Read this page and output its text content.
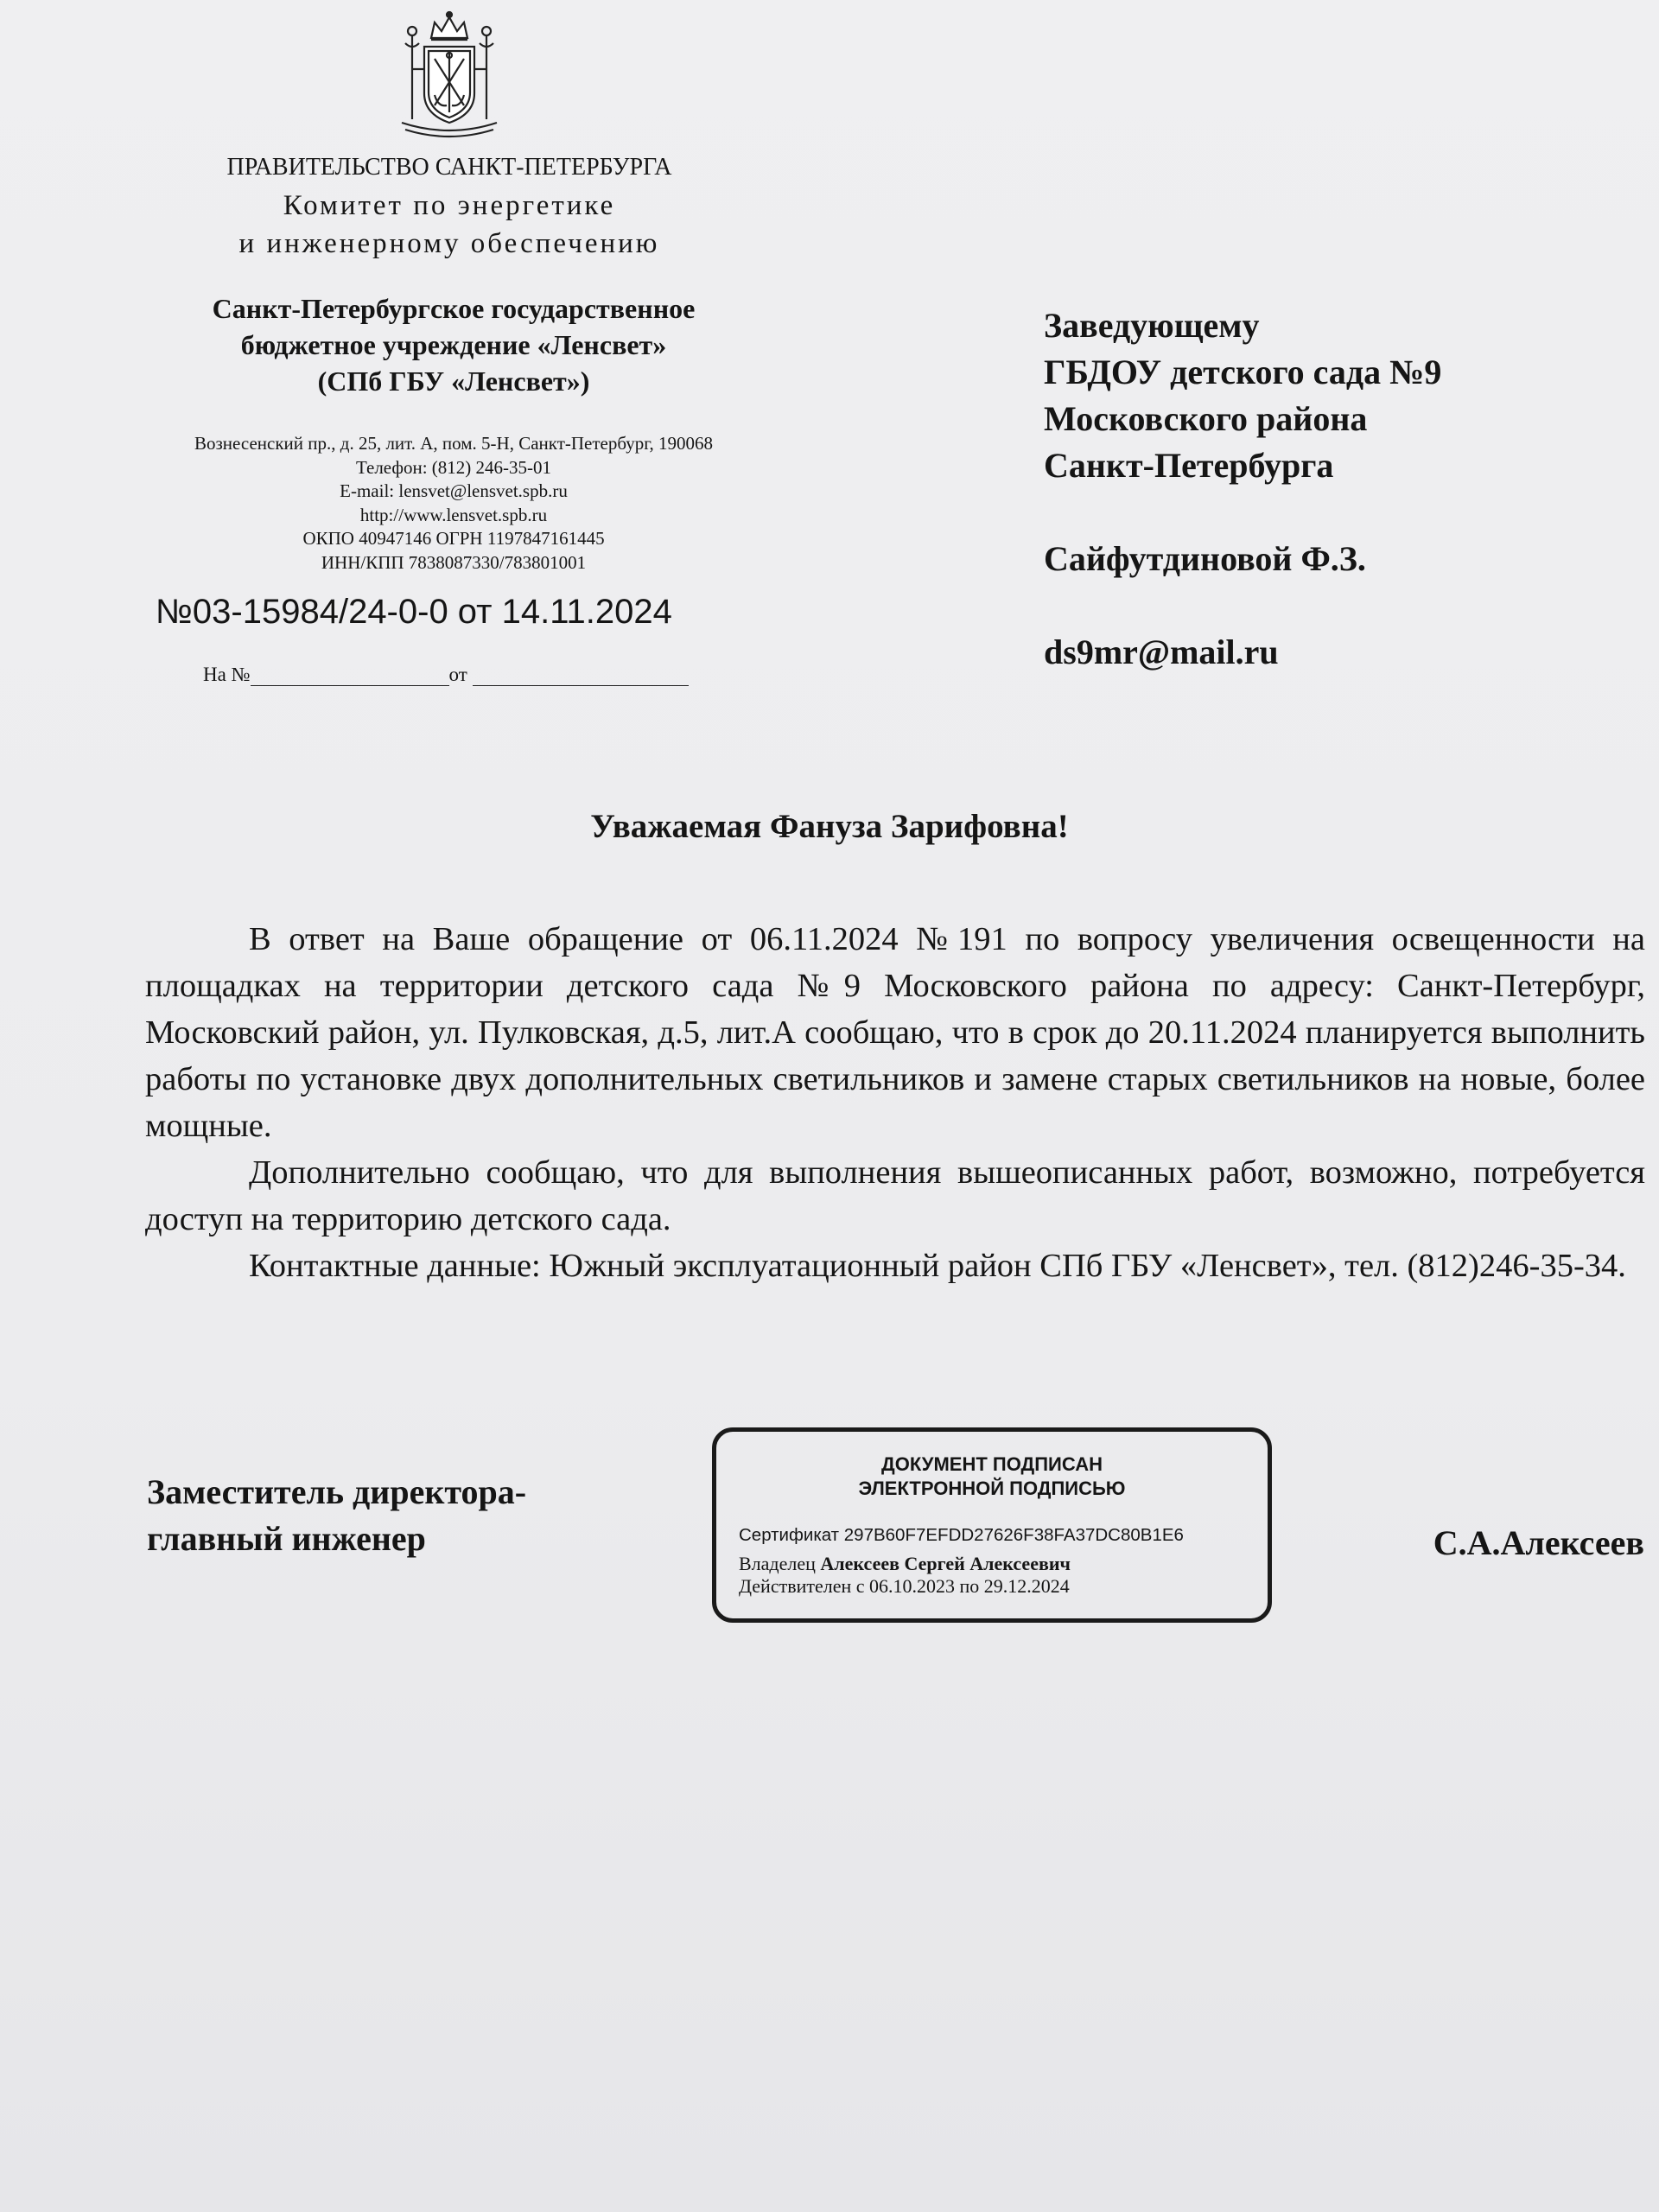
ПРАВИТЕЛЬСТВО САНКТ-ПЕТЕРБУРГА
Комитет по энергетике
и инженерному обеспечению
Санкт-Петербургское государственное
бюджетное учреждение «Ленсвет»
(СПб ГБУ «Ленсвет»)
Вознесенский пр., д. 25, лит. А, пом. 5-Н, Санкт-Петербург, 190068
Телефон: (812) 246-35-01
E-mail: lensvet@lensvet.spb.ru
http://www.lensvet.spb.ru
ОКПО 40947146 ОГРН 1197847161445
ИНН/КПП 7838087330/783801001
№03-15984/24-0-0 от 14.11.2024
На №	от
Заведующему
ГБДОУ детского сада №9
Московского района
Санкт-Петербурга
Сайфутдиновой Ф.З.
ds9mr@mail.ru
Уважаемая Фануза Зарифовна!

В ответ на Ваше обращение от 06.11.2024 №191 по вопросу увеличения освещенности на площадках на территории детского сада №9 Московского района по адресу: Санкт-Петербург, Московский район, ул. Пулковская, д.5, лит.А сообщаю, что в срок до 20.11.2024 планируется выполнить работы по установке двух дополнительных светильников и замене старых светильников на новые, более мощные.

Дополнительно сообщаю, что для выполнения вышеописанных работ, возможно, потребуется доступ на территорию детского сада.

Контактные данные: Южный эксплуатационный район СПб ГБУ «Ленсвет», тел. (812)246-35-34.

Заместитель директора-
главный инженер
ДОКУМЕНТ ПОДПИСАН
ЭЛЕКТРОННОЙ ПОДПИСЬЮ
Сертификат 297B60F7EFDD27626F38FA37DC80B1E6
Владелец Алексеев Сергей Алексеевич
Действителен с 06.10.2023 по 29.12.2024
С.А.Алексеев
